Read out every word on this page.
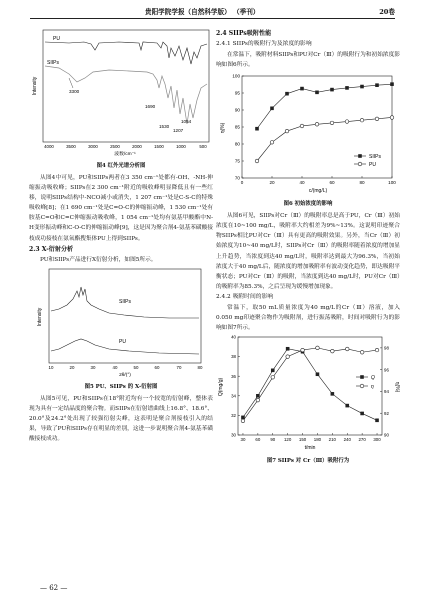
贵阳学院学报（自然科学版） （季刊）	20卷
Intensity
PU
SIIPs
3300
1690
1530
1207
1054
4000	3500	3000	2500	2000	1500	1000	500
波数/cm⁻¹
图4 红外光谱分析图

从图4中可见，PU和SIIPs两者在3 350 cm⁻¹处都有-OH、-NH-伸缩振动吸收峰；SIIPs在2 300 cm⁻¹附近的吸收峰明显降低且有一些红移，说明SIIPs结构中-NCO减小或消失，1 207 cm⁻¹处是C-S-C的特殊吸收峰[8]；在1 690 cm⁻¹处是C=O-C的伸缩振动峰，1 530 cm⁻¹处有胺基C=O和C=C伸缩振动吸收峰，1 054 cm⁻¹处均有氨基甲酸酯中N-H变形振动峰和C-O-C的伸缩振动峰[9]，这是因为聚合剂4-氨基苯磺酸接枝成功接枝在氨氧酯搜集体PU上得到SIIPs。

2.3 X-衍射分析

PU和SIIPs产品进行X衍射分析，如图5所示。

Intensity
SIIPs
PU
10	20	30	40	50	60	70	80
2θ/(°)
图5 PU、SIIPs 的 X-衍射图

从图5可见，PU和SIIPs在18°附近均有一个较宽的衍射峰，整体表现为具有一定结晶度的聚合物。而SIIPs在衍射谱曲线上16.8°、18.6°、20.0°及24.2°处出现了较强衍射尖峰，这表明是聚合剂接枝引入的结果，导致了PU和SIIPs存在明显的差别，这进一步说明聚合剂4-氨基苯磺酸接枝成功。

2.4 SIIPs吸附性能

2.4.1 SIIPs的吸附行为及浓度的影响

在常温下，吸附材料SIIPs和PU对Cr（Ⅲ）的吸附行为和初始浓度影响如图6所示。

η(%)
c/(mg/L)
0	20	40	60	80	100
70
75
80
85
90
95
100
SIIPs
PU
图6 初始浓度的影响

从图6可见，SIIPs对Cr（Ⅲ）的吸附率总是高于PU，Cr（Ⅲ）初始浓度在10~100 mg/L，吸附率大约相差为9%~13%。这说明印迹聚合物SIIPs相比PU对Cr（Ⅲ）具有更高的吸附效果。另外，当Cr（Ⅲ）初始浓度为10~40 mg/L时，SIIPs对Cr（Ⅲ）的吸附率随着浓度的增加显上升趋势，当浓度到达40 mg/L时，吸附率达到最大为96.3%，当初始浓度大于40 mg/L后，随浓度的增加吸附率有波动变化趋势，即达吸附平衡状态；PU对Cr（Ⅲ）的吸附，当浓度到达40 mg/L时，PU对Cr（Ⅲ）的吸附率为85.3%，之后呈现为缓慢增加现象。

2.4.2 吸附时间的影响

常温下，取50 mL质量浓度为40 mg/L的Cr（Ⅲ）溶液，加入0.050 mg印迹聚合物作为吸附剂，进行振荡吸附，时间对吸附行为的影响如图7所示。

Q(mg/g)	η(%)
t/min
30 60 90 120 150 180 210 240 270 300
30
32
34
36
38
40
90
92
94
96
98
Q
η
图7 SIIPs 对 Cr（Ⅲ）吸附行为
— 62 —
